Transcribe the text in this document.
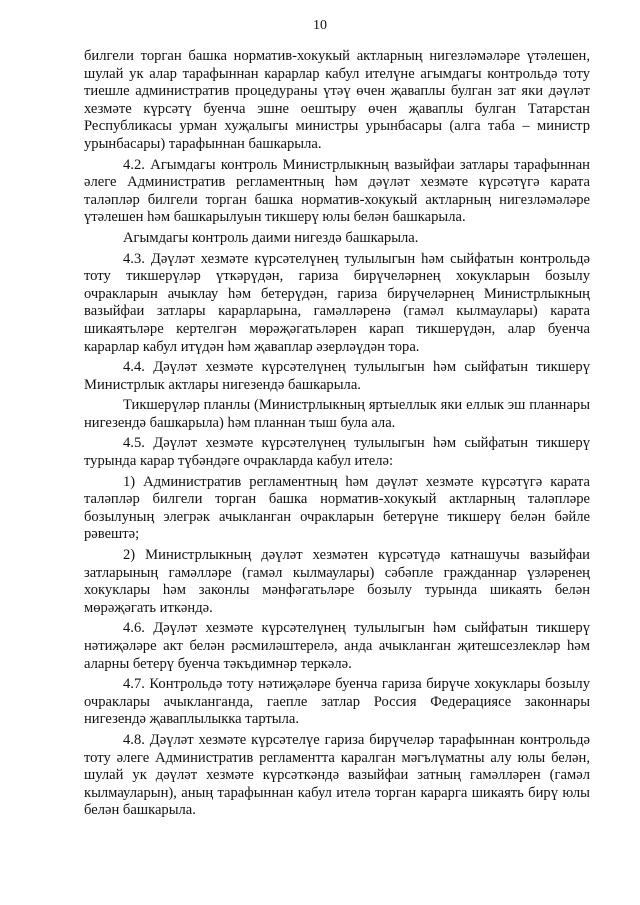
10

билгели торган башка норматив-хокукый актларның нигезләмәләре үтәлешен, шулай ук алар тарафыннан карарлар кабул ителүне агымдагы контрольдә тоту тиешле административ процедураны үтәү өчен җаваплы булган зат яки дәүләт хезмәте күрсәтү буенча эшне оештыру өчен җаваплы булган Татарстан Республикасы урман хуҗалыгы министры урынбасары (алга таба – министр урынбасары) тарафыннан башкарыла.

4.2. Агымдагы контроль Министрлыкның вазыйфаи затлары тарафыннан әлеге Административ регламентның һәм дәүләт хезмәте күрсәтүгә карата таләпләр билгели торган башка норматив-хокукый актларның нигезләмәләре үтәлешен һәм башкарылуын тикшерү юлы белән башкарыла.

Агымдагы контроль даими нигездә башкарыла.

4.3. Дәүләт хезмәте күрсәтелүнең тулылыгын һәм сыйфатын контрольдә тоту тикшерүләр үткәрүдән, гариза бирүчеләрнең хокукларын бозылу очракларын ачыклау һәм бетерүдән, гариза бирүчеләрнең Министрлыкның вазыйфаи затлары карарларына, гамәлләренә (гамәл кылмаулары) карата шикаятьләре кертелгән мөрәҗәгатьләрен карап тикшерүдән, алар буенча карарлар кабул итүдән һәм җаваплар әзерләүдән тора.

4.4. Дәүләт хезмәте күрсәтелүнең тулылыгын һәм сыйфатын тикшерү Министрлык актлары нигезендә башкарыла.

Тикшерүләр планлы (Министрлыкның яртыеллык яки еллык эш планнары нигезендә башкарыла) һәм планнан тыш була ала.

4.5. Дәүләт хезмәте күрсәтелүнең тулылыгын һәм сыйфатын тикшерү турында карар түбәндәге очракларда кабул ителә:

1) Административ регламентның һәм дәүләт хезмәте күрсәтүгә карата таләпләр билгели торган башка норматив-хокукый актларның таләпләре бозылуның элегрәк ачыкланган очракларын бетерүне тикшерү белән бәйле рәвештә;

2) Министрлыкның дәүләт хезмәтен күрсәтүдә катнашучы вазыйфаи затларының гамәлләре (гамәл кылмаулары) сәбәпле гражданнар үзләренең хокуклары һәм законлы мәнфәгатьләре бозылу турында шикаять белән мөрәҗәгать иткәндә.

4.6. Дәүләт хезмәте күрсәтелүнең тулылыгын һәм сыйфатын тикшерү нәтиҗәләре акт белән рәсмиләштерелә, анда ачыкланган җитешсезлекләр һәм аларны бетерү буенча тәкъдимнәр теркәлә.

4.7. Контрольдә тоту нәтиҗәләре буенча гариза бирүче хокуклары бозылу очраклары ачыкланганда, гаепле затлар Россия Федерациясе законнары нигезендә җаваплылыкка тартыла.

4.8. Дәүләт хезмәте күрсәтелүе гариза бирүчеләр тарафыннан контрольдә тоту әлеге Административ регламентта каралган мәгълүматны алу юлы белән, шулай ук дәүләт хезмәте күрсәткәндә вазыйфаи затның гамәлләрен (гамәл кылмауларын), аның тарафыннан кабул ителә торган карарга шикаять бирү юлы белән башкарыла.
